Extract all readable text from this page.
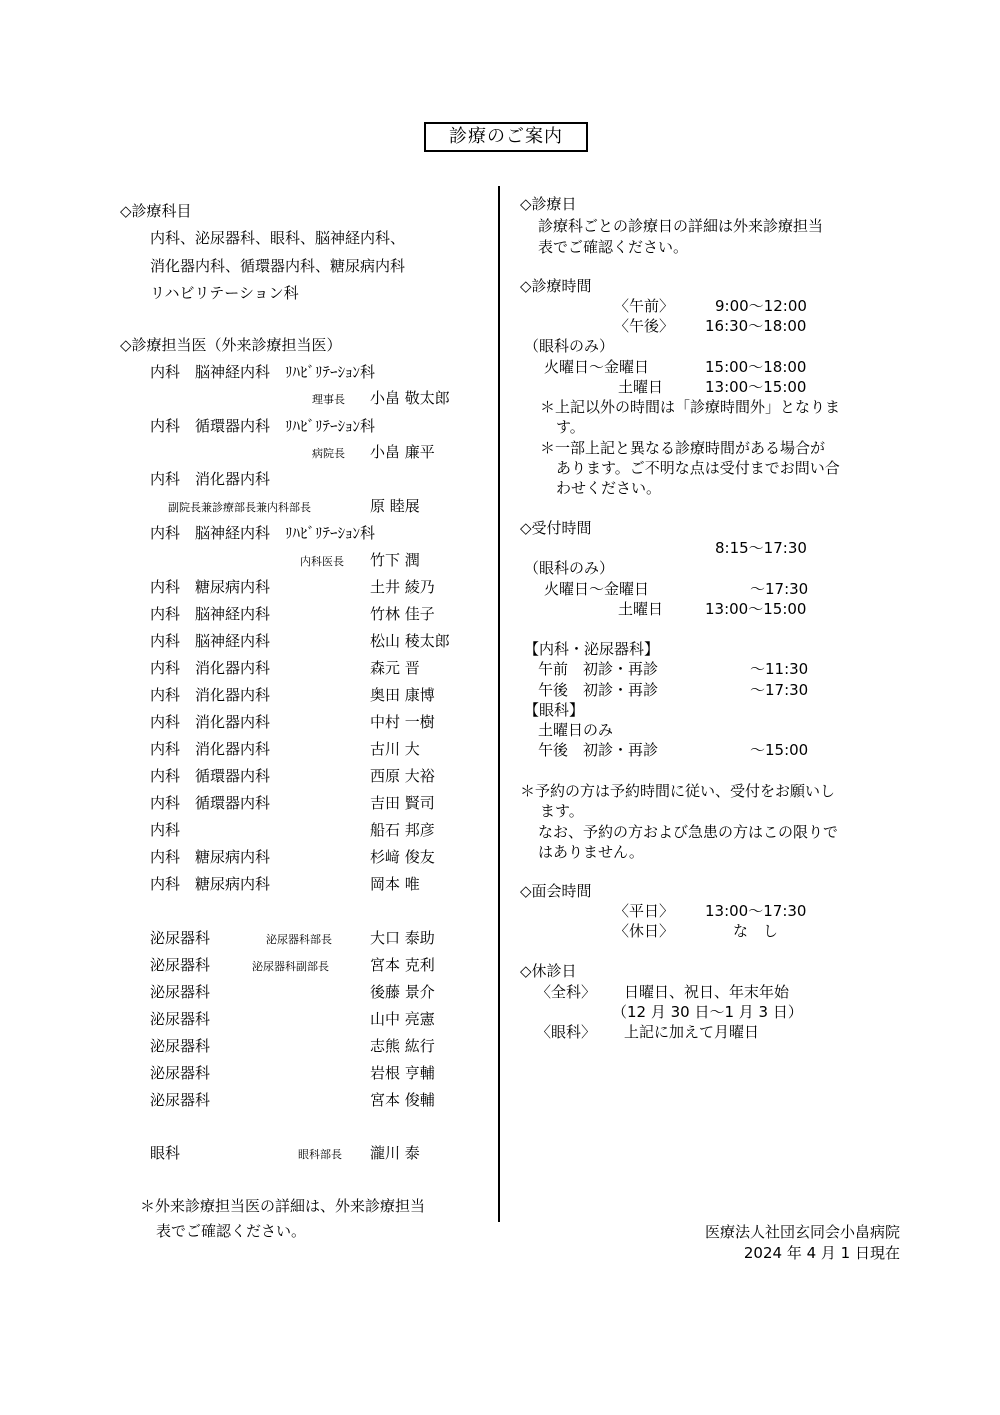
診療のご案内
◇診療科目
内科、泌尿器科、眼科、脳神経内科、
消化器内科、循環器内科、糖尿病内科
リハビリテーション科
◇診療担当医（外来診療担当医）
内科　脳神経内科　ﾘﾊﾋﾞﾘﾃｰｼｮﾝ科
理事長 小畠 敬太郎
内科　循環器内科　ﾘﾊﾋﾞﾘﾃｰｼｮﾝ科
病院長 小畠 廉平
内科　消化器内科
副院長兼診療部長兼内科部長	原 睦展
内科　脳神経内科　ﾘﾊﾋﾞﾘﾃｰｼｮﾝ科
内科医長 竹下 潤
内科　糖尿病内科	土井 綾乃
内科　脳神経内科	竹林 佳子
内科　脳神経内科	松山 稜太郎
内科　消化器内科	森元 晋
内科　消化器内科	奥田 康博
内科　消化器内科	中村 一樹
内科　消化器内科	古川 大
内科　循環器内科	西原 大裕
内科　循環器内科	吉田 賢司
内科	船石 邦彦
内科　糖尿病内科	杉﨑 俊友
内科　糖尿病内科	岡本 唯
泌尿器科	泌尿器科部長	大口 泰助
泌尿器科	泌尿器科副部長	宮本 克利
泌尿器科	後藤 景介
泌尿器科	山中 亮憲
泌尿器科	志熊 紘行
泌尿器科	岩根 亨輔
泌尿器科	宮本 俊輔
眼科	眼科部長 瀧川 泰
＊外来診療担当医の詳細は、外来診療担当
表でご確認ください。
◇診療日
診療科ごとの診療日の詳細は外来診療担当
表でご確認ください。
◇診療時間
〈午前〉	9:00～12:00
〈午後〉 16:30～18:00
（眼科のみ）
火曜日～金曜日	15:00～18:00
土曜日	13:00～15:00
＊上記以外の時間は「診療時間外」となりま
す。
＊一部上記と異なる診療時間がある場合が
あります。ご不明な点は受付までお問い合
わせください。
◇受付時間
8:15～17:30
（眼科のみ）
火曜日～金曜日	～17:30
土曜日	13:00～15:00
【内科・泌尿器科】
午前　初診・再診	～11:30
午後　初診・再診	～17:30
【眼科】
土曜日のみ
午後　初診・再診	～15:00
＊予約の方は予約時間に従い、受付をお願いし
ます。
なお、予約の方および急患の方はこの限りで
はありません。
◇面会時間
〈平日〉 13:00～17:30
〈休日〉	な　し
◇休診日
〈全科〉 日曜日、祝日、年末年始
（12 月 30 日～1 月 3 日）
〈眼科〉 上記に加えて月曜日
医療法人社団玄同会小畠病院
2024 年 4 月 1 日現在
